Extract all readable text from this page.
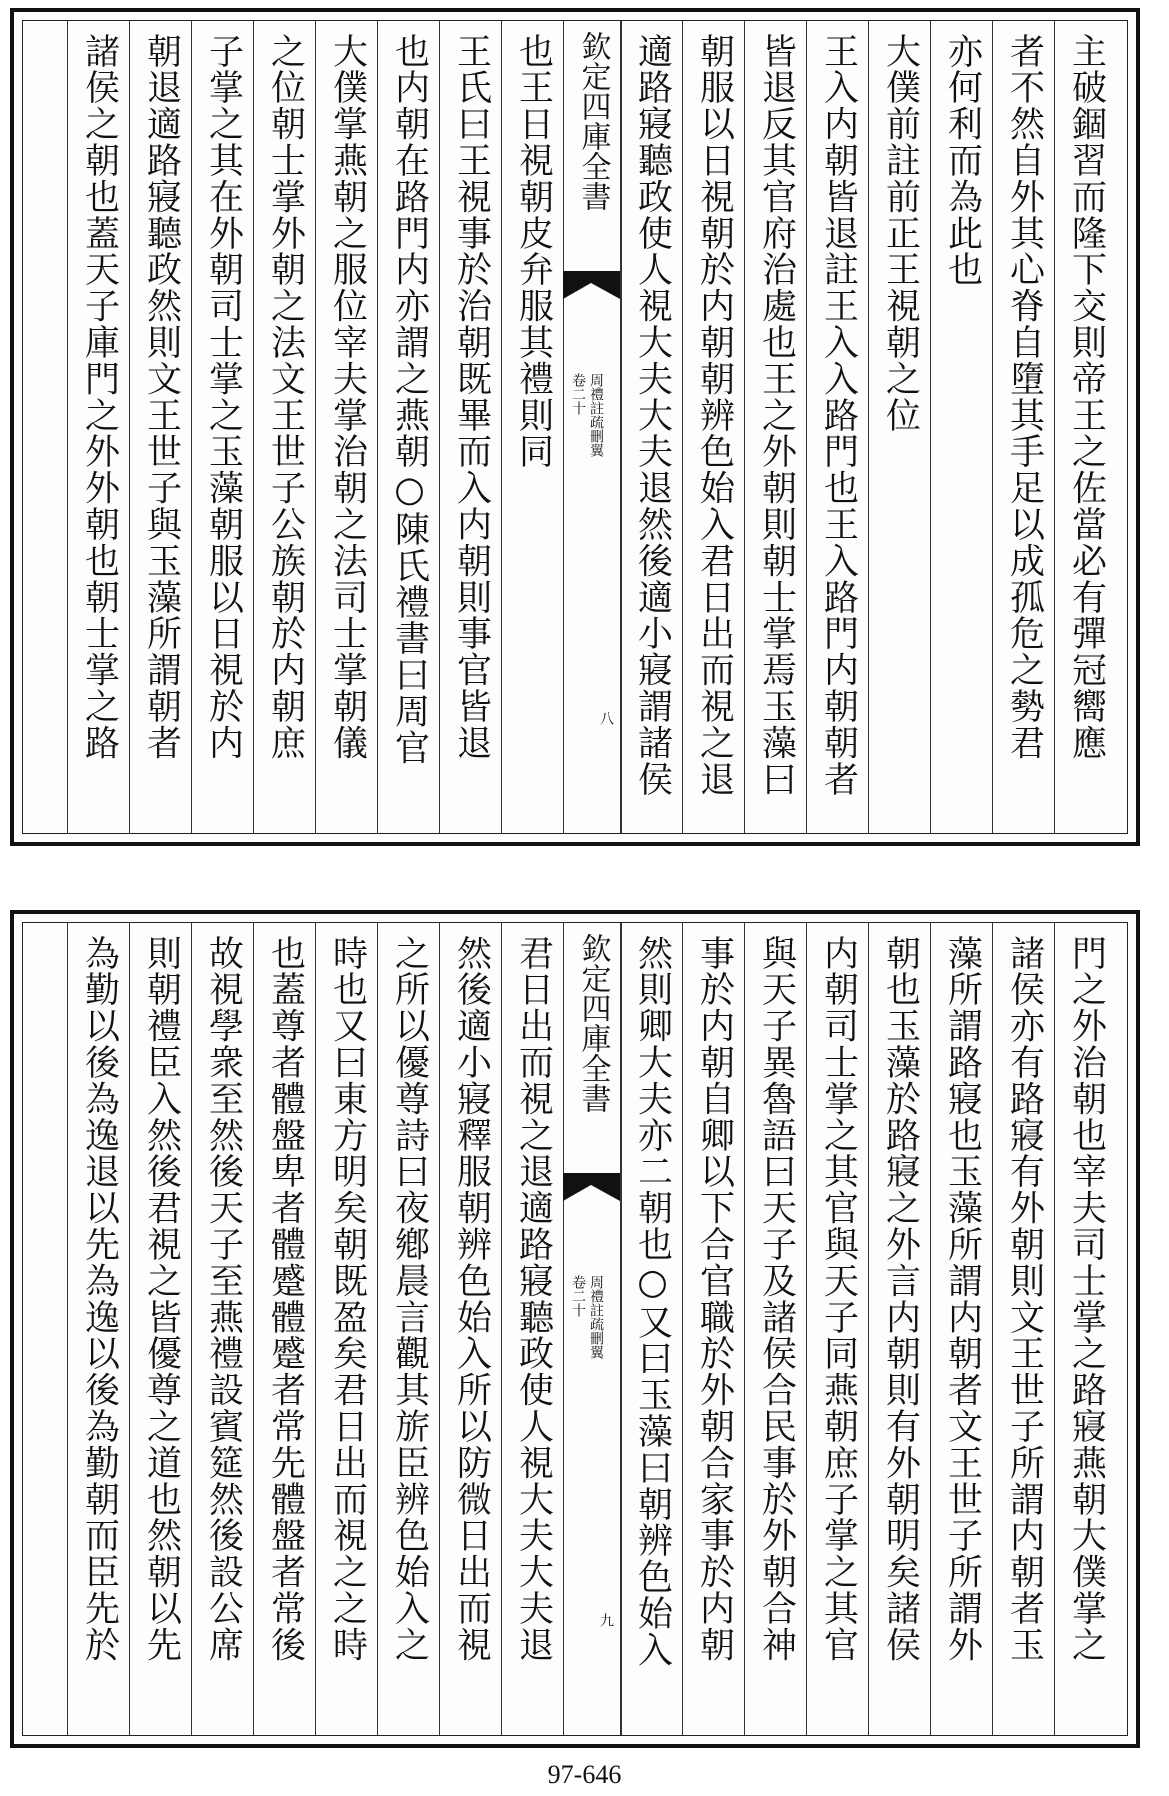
主破錮習而隆下交則帝王之佐當必有彈冠嚮應
者不然自外其心脊自墮其手足以成孤危之勢君
亦何利而為此也
大僕前註前正王視朝之位
王入内朝皆退註王入入路門也王入路門内朝朝者
皆退反其官府治處也王之外朝則朝士掌焉玉藻曰
朝服以日視朝於内朝朝辨色始入君日出而視之退
適路寢聽政使人視大夫大夫退然後適小寢謂諸侯
欽定四庫全書
周禮註疏刪翼
卷二十
八
也王日視朝皮弁服其禮則同
王氏曰王視事於治朝既畢而入内朝則事官皆退
也内朝在路門内亦謂之燕朝○陳氏禮書曰周官
大僕掌燕朝之服位宰夫掌治朝之法司士掌朝儀
之位朝士掌外朝之法文王世子公族朝於内朝庶
子掌之其在外朝司士掌之玉藻朝服以日視於内
朝退適路寢聽政然則文王世子與玉藻所謂朝者
諸侯之朝也蓋天子庫門之外外朝也朝士掌之路
門之外治朝也宰夫司士掌之路寢燕朝大僕掌之
諸侯亦有路寢有外朝則文王世子所謂内朝者玉
藻所謂路寢也玉藻所謂内朝者文王世子所謂外
朝也玉藻於路寢之外言内朝則有外朝明矣諸侯
内朝司士掌之其官與天子同燕朝庶子掌之其官
與天子異魯語曰天子及諸侯合民事於外朝合神
事於内朝自卿以下合官職於外朝合家事於内朝
然則卿大夫亦二朝也○又曰玉藻曰朝辨色始入
欽定四庫全書
周禮註疏刪翼
卷二十
九
君日出而視之退適路寢聽政使人視大夫大夫退
然後適小寢釋服朝辨色始入所以防微日出而視
之所以優尊詩曰夜鄕晨言觀其旂臣辨色始入之
時也又曰東方明矣朝既盈矣君日出而視之之時
也蓋尊者體盤卑者體蹙體蹙者常先體盤者常後
故視學衆至然後天子至燕禮設賓筵然後設公席
則朝禮臣入然後君視之皆優尊之道也然朝以先
為勤以後為逸退以先為逸以後為勤朝而臣先於
97-646
